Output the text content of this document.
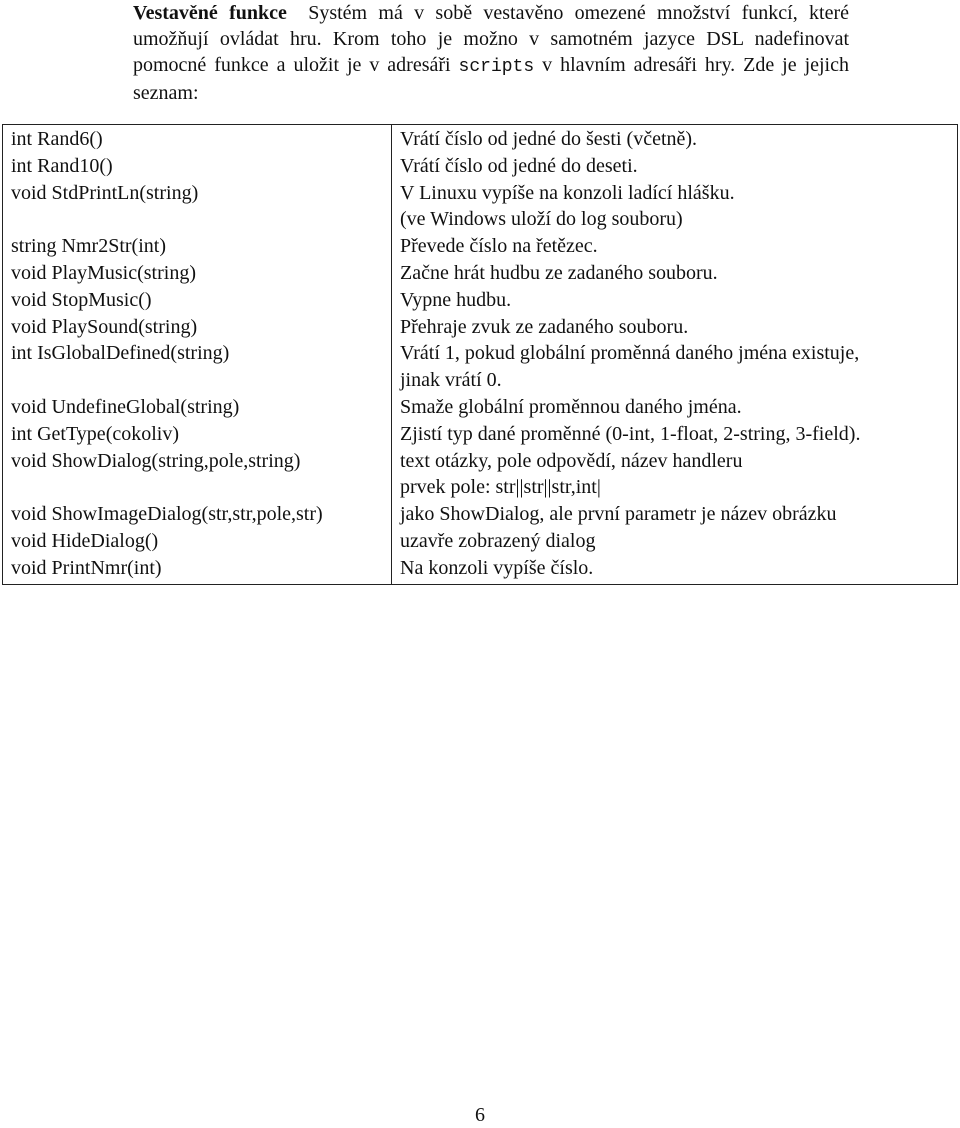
Vestavěné funkce Systém má v sobě vestavěno omezené množství funkcí, které umožňují ovládat hru. Krom toho je možno v samotném jazyce DSL nadefinovat pomocné funkce a uložit je v adresáři scripts v hlavním adresáři hry. Zde je jejich seznam:
int Rand6()	Vrátí číslo od jedné do šesti (včetně).
int Rand10()	Vrátí číslo od jedné do deseti.
void StdPrintLn(string)	V Linuxu vypíše na konzoli ladící hlášku.
	(ve Windows uloží do log souboru)
string Nmr2Str(int)	Převede číslo na řetězec.
void PlayMusic(string)	Začne hrát hudbu ze zadaného souboru.
void StopMusic()	Vypne hudbu.
void PlaySound(string)	Přehraje zvuk ze zadaného souboru.
int IsGlobalDefined(string)	Vrátí 1, pokud globální proměnná daného jména existuje,
	jinak vrátí 0.
void UndefineGlobal(string)	Smaže globální proměnnou daného jména.
int GetType(cokoliv)	Zjistí typ dané proměnné (0-int, 1-float, 2-string, 3-field).
void ShowDialog(string,pole,string)	text otázky, pole odpovědí, název handleru
	prvek pole: str||str||str,int|
void ShowImageDialog(str,str,pole,str)	jako ShowDialog, ale první parametr je název obrázku
void HideDialog()	uzavře zobrazený dialog
void PrintNmr(int)	Na konzoli vypíše číslo.
6
